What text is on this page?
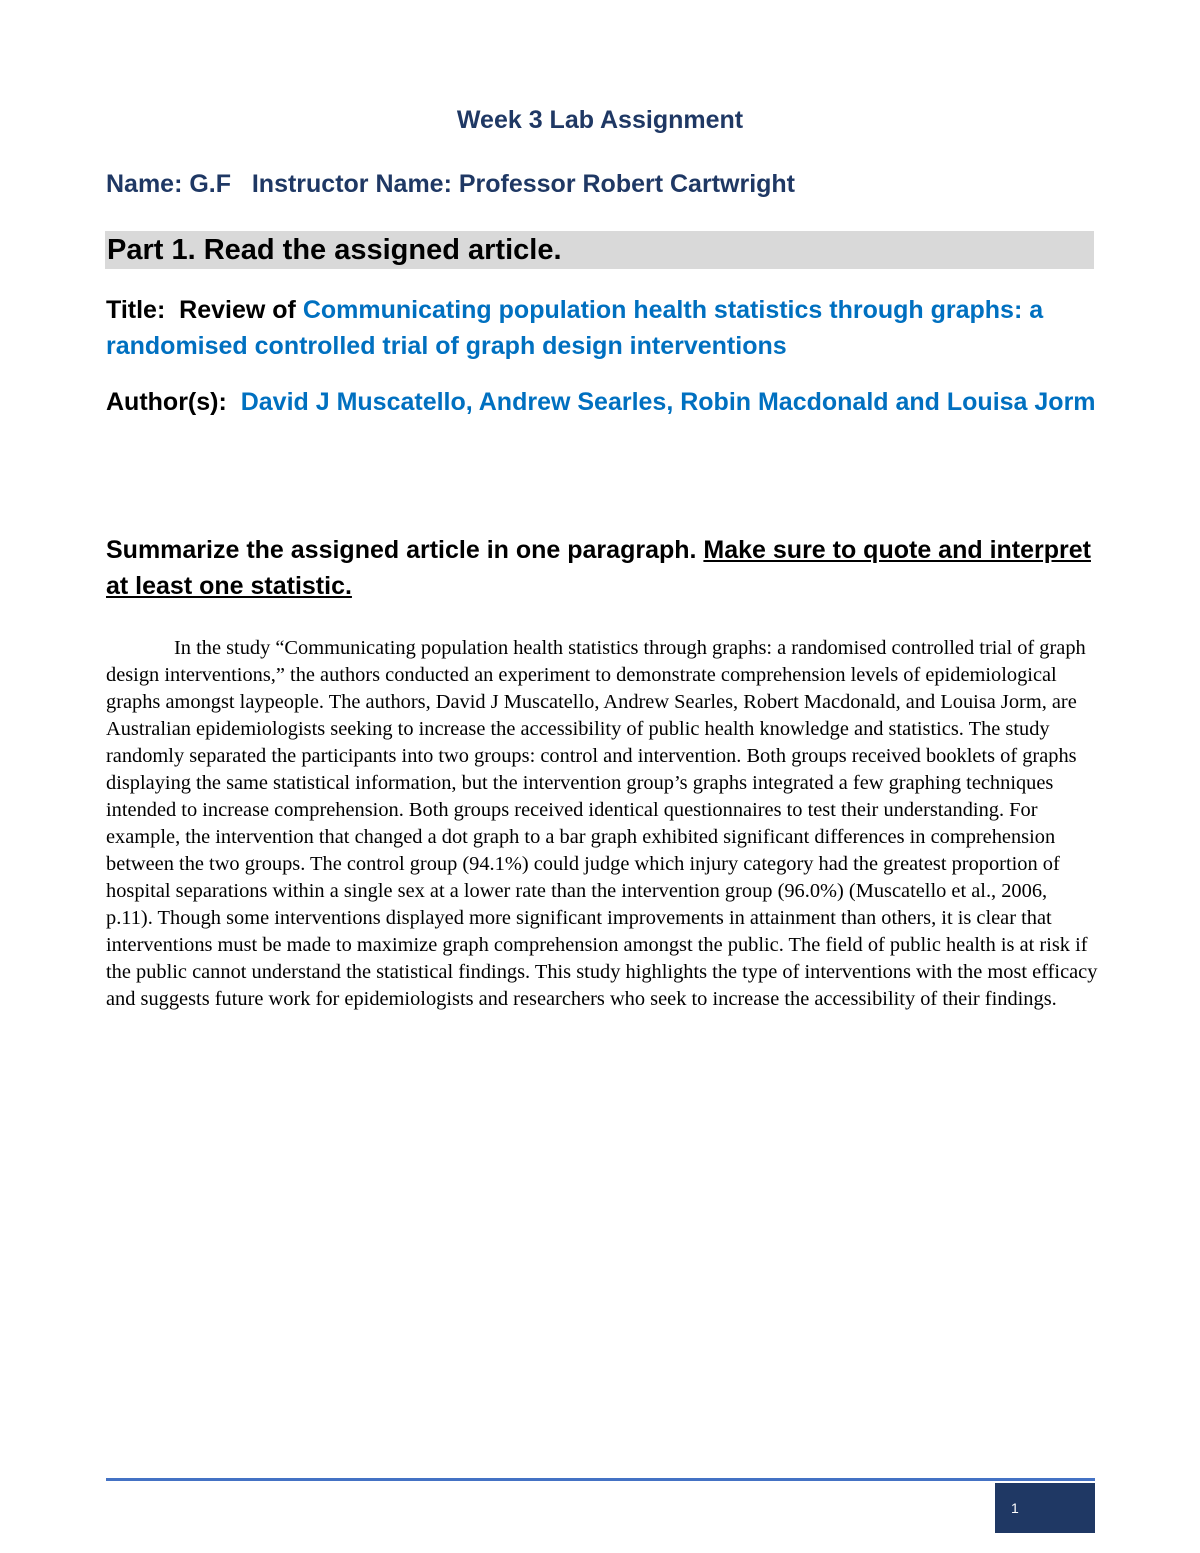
Week 3 Lab Assignment
Name: G.F   Instructor Name: Professor Robert Cartwright
Part 1. Read the assigned article.
Title:  Review of Communicating population health statistics through graphs: a randomised controlled trial of graph design interventions
Author(s):  David J Muscatello, Andrew Searles, Robin Macdonald and Louisa Jorm
Summarize the assigned article in one paragraph. Make sure to quote and interpret at least one statistic.

In the study “Communicating population health statistics through graphs: a randomised controlled trial of graph design interventions,” the authors conducted an experiment to demonstrate comprehension levels of epidemiological graphs amongst laypeople. The authors, David J Muscatello, Andrew Searles, Robert Macdonald, and Louisa Jorm, are Australian epidemiologists seeking to increase the accessibility of public health knowledge and statistics. The study randomly separated the participants into two groups: control and intervention. Both groups received booklets of graphs displaying the same statistical information, but the intervention group’s graphs integrated a few graphing techniques intended to increase comprehension. Both groups received identical questionnaires to test their understanding. For example, the intervention that changed a dot graph to a bar graph exhibited significant differences in comprehension between the two groups. The control group (94.1%) could judge which injury category had the greatest proportion of hospital separations within a single sex at a lower rate than the intervention group (96.0%) (Muscatello et al., 2006, p.11). Though some interventions displayed more significant improvements in attainment than others, it is clear that interventions must be made to maximize graph comprehension amongst the public. The field of public health is at risk if the public cannot understand the statistical findings. This study highlights the type of interventions with the most efficacy and suggests future work for epidemiologists and researchers who seek to increase the accessibility of their findings.

1
